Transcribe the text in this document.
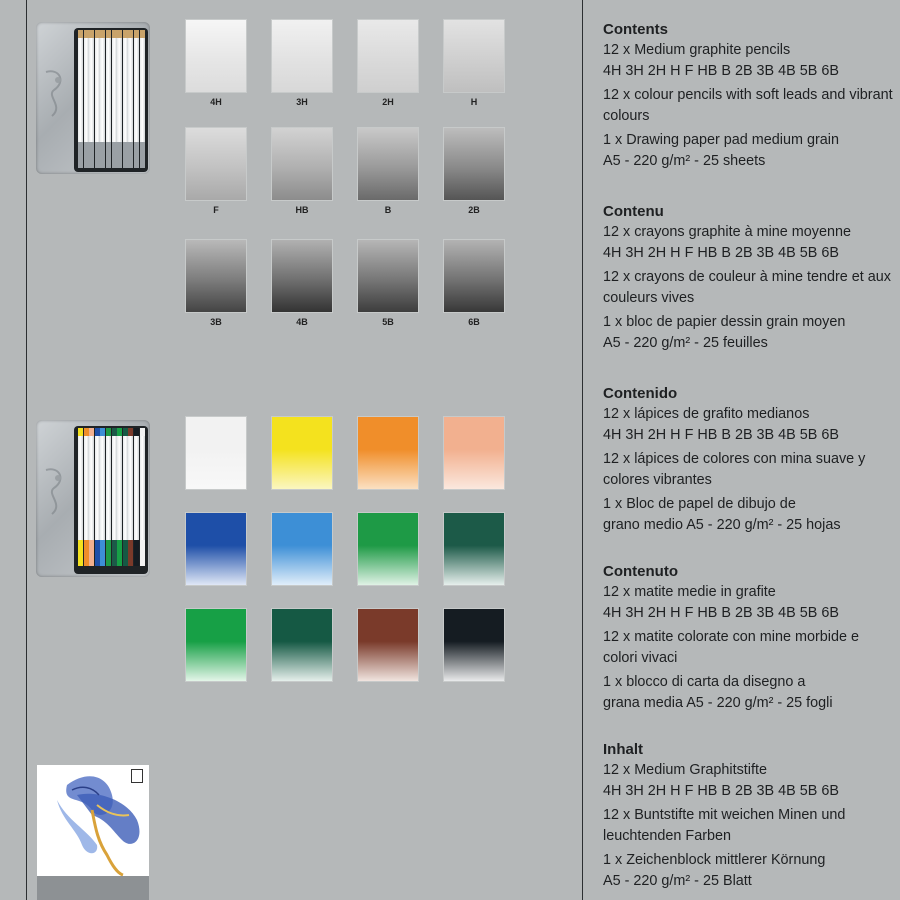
4H	3H	2H	H
F	HB	B	2B
3B	4B	5B	6B
Contents

12 x Medium graphite pencils
4H 3H 2H H F HB B 2B 3B 4B 5B 6B

12 x colour pencils with soft leads and vibrant colours

1 x Drawing paper pad medium grain
A5 - 220 g/m² - 25 sheets

Contenu

12 x crayons graphite à mine moyenne
4H 3H 2H H F HB B 2B 3B 4B 5B 6B

12 x crayons de couleur à mine tendre et aux couleurs vives

1 x bloc de papier dessin grain moyen
A5 - 220 g/m² - 25 feuilles

Contenido

12 x lápices de grafito medianos
4H 3H 2H H F HB B 2B 3B 4B 5B 6B

12 x lápices de colores con mina suave y colores vibrantes

1 x Bloc de papel de dibujo de
grano medio A5 - 220 g/m² - 25 hojas

Contenuto

12 x matite medie in grafite
4H 3H 2H H F HB B 2B 3B 4B 5B 6B

12 x matite colorate con mine morbide e colori vivaci

1 x blocco di carta da disegno a
grana media A5 - 220 g/m² - 25 fogli

Inhalt

12 x Medium Graphitstifte
4H 3H 2H H F HB B 2B 3B 4B 5B 6B

12 x Buntstifte mit weichen Minen und leuchtenden Farben

1 x Zeichenblock mittlerer Körnung
A5 - 220 g/m² - 25 Blatt
